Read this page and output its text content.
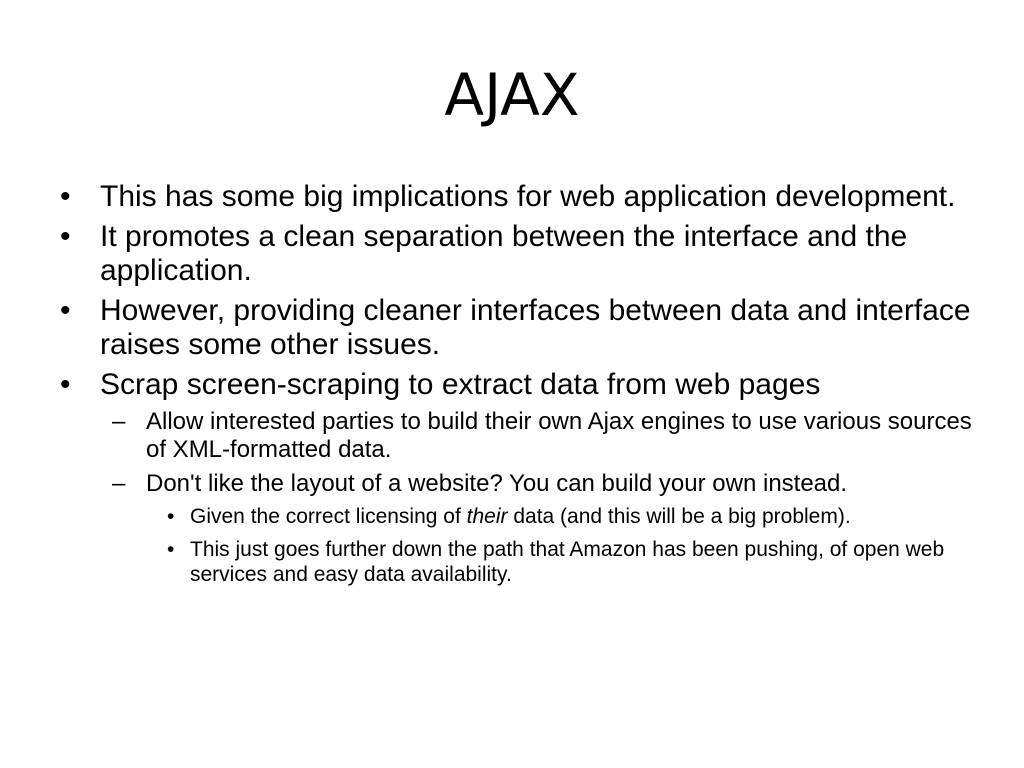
AJAX
• This has some big implications for web application development.
• It promotes a clean separation between the interface and the application.
• However, providing cleaner interfaces between data and interface raises some other issues.
• Scrap screen-scraping to extract data from web pages
– Allow interested parties to build their own Ajax engines to use various sources of XML-formatted data.
– Don't like the layout of a website? You can build your own instead.
• Given the correct licensing of their data (and this will be a big problem).
• This just goes further down the path that Amazon has been pushing, of open web services and easy data availability.
